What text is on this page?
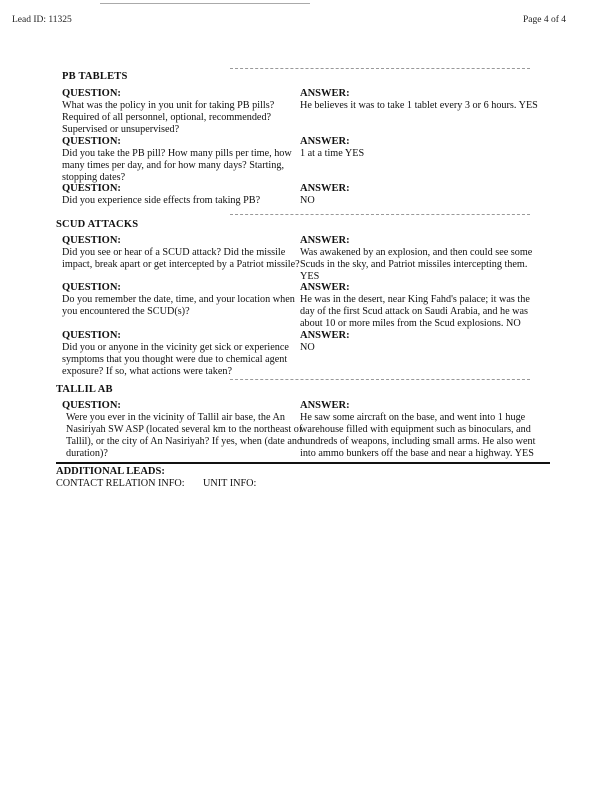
Lead ID: 11325	Page 4 of 4
PB TABLETS
QUESTION:
What was the policy in you unit for taking PB pills?
Required of all personnel, optional, recommended?
Supervised or unsupervised?
ANSWER:
He believes it was to take 1 tablet every 3 or 6 hours. YES
QUESTION:
Did you take the PB pill? How many pills per time, how
many times per day, and for how many days? Starting,
stopping dates?
ANSWER:
1 at a time YES
QUESTION:
Did you experience side effects from taking PB?
ANSWER:
NO
SCUD ATTACKS
QUESTION:
Did you see or hear of a SCUD attack? Did the missile
impact, break apart or get intercepted by a Patriot missile?
ANSWER:
Was awakened by an explosion, and then could see some
Scuds in the sky, and Patriot missiles intercepting them.
YES
QUESTION:
Do you remember the date, time, and your location when
you encountered the SCUD(s)?
ANSWER:
He was in the desert, near King Fahd's palace; it was the
day of the first Scud attack on Saudi Arabia, and he was
about 10 or more miles from the Scud explosions. NO
QUESTION:
Did you or anyone in the vicinity get sick or experience
symptoms that you thought were due to chemical agent
exposure? If so, what actions were taken?
ANSWER:
NO
TALLIL AB
QUESTION:
Were you ever in the vicinity of Tallil air base, the An
Nasiriyah SW ASP (located several km to the northeast of
Tallil), or the city of An Nasiriyah? If yes, when (date and
duration)?
ANSWER:
He saw some aircraft on the base, and went into 1 huge
warehouse filled with equipment such as binoculars, and
hundreds of weapons, including small arms. He also went
into ammo bunkers off the base and near a highway. YES
ADDITIONAL LEADS:
CONTACT RELATION INFO: UNIT INFO:
